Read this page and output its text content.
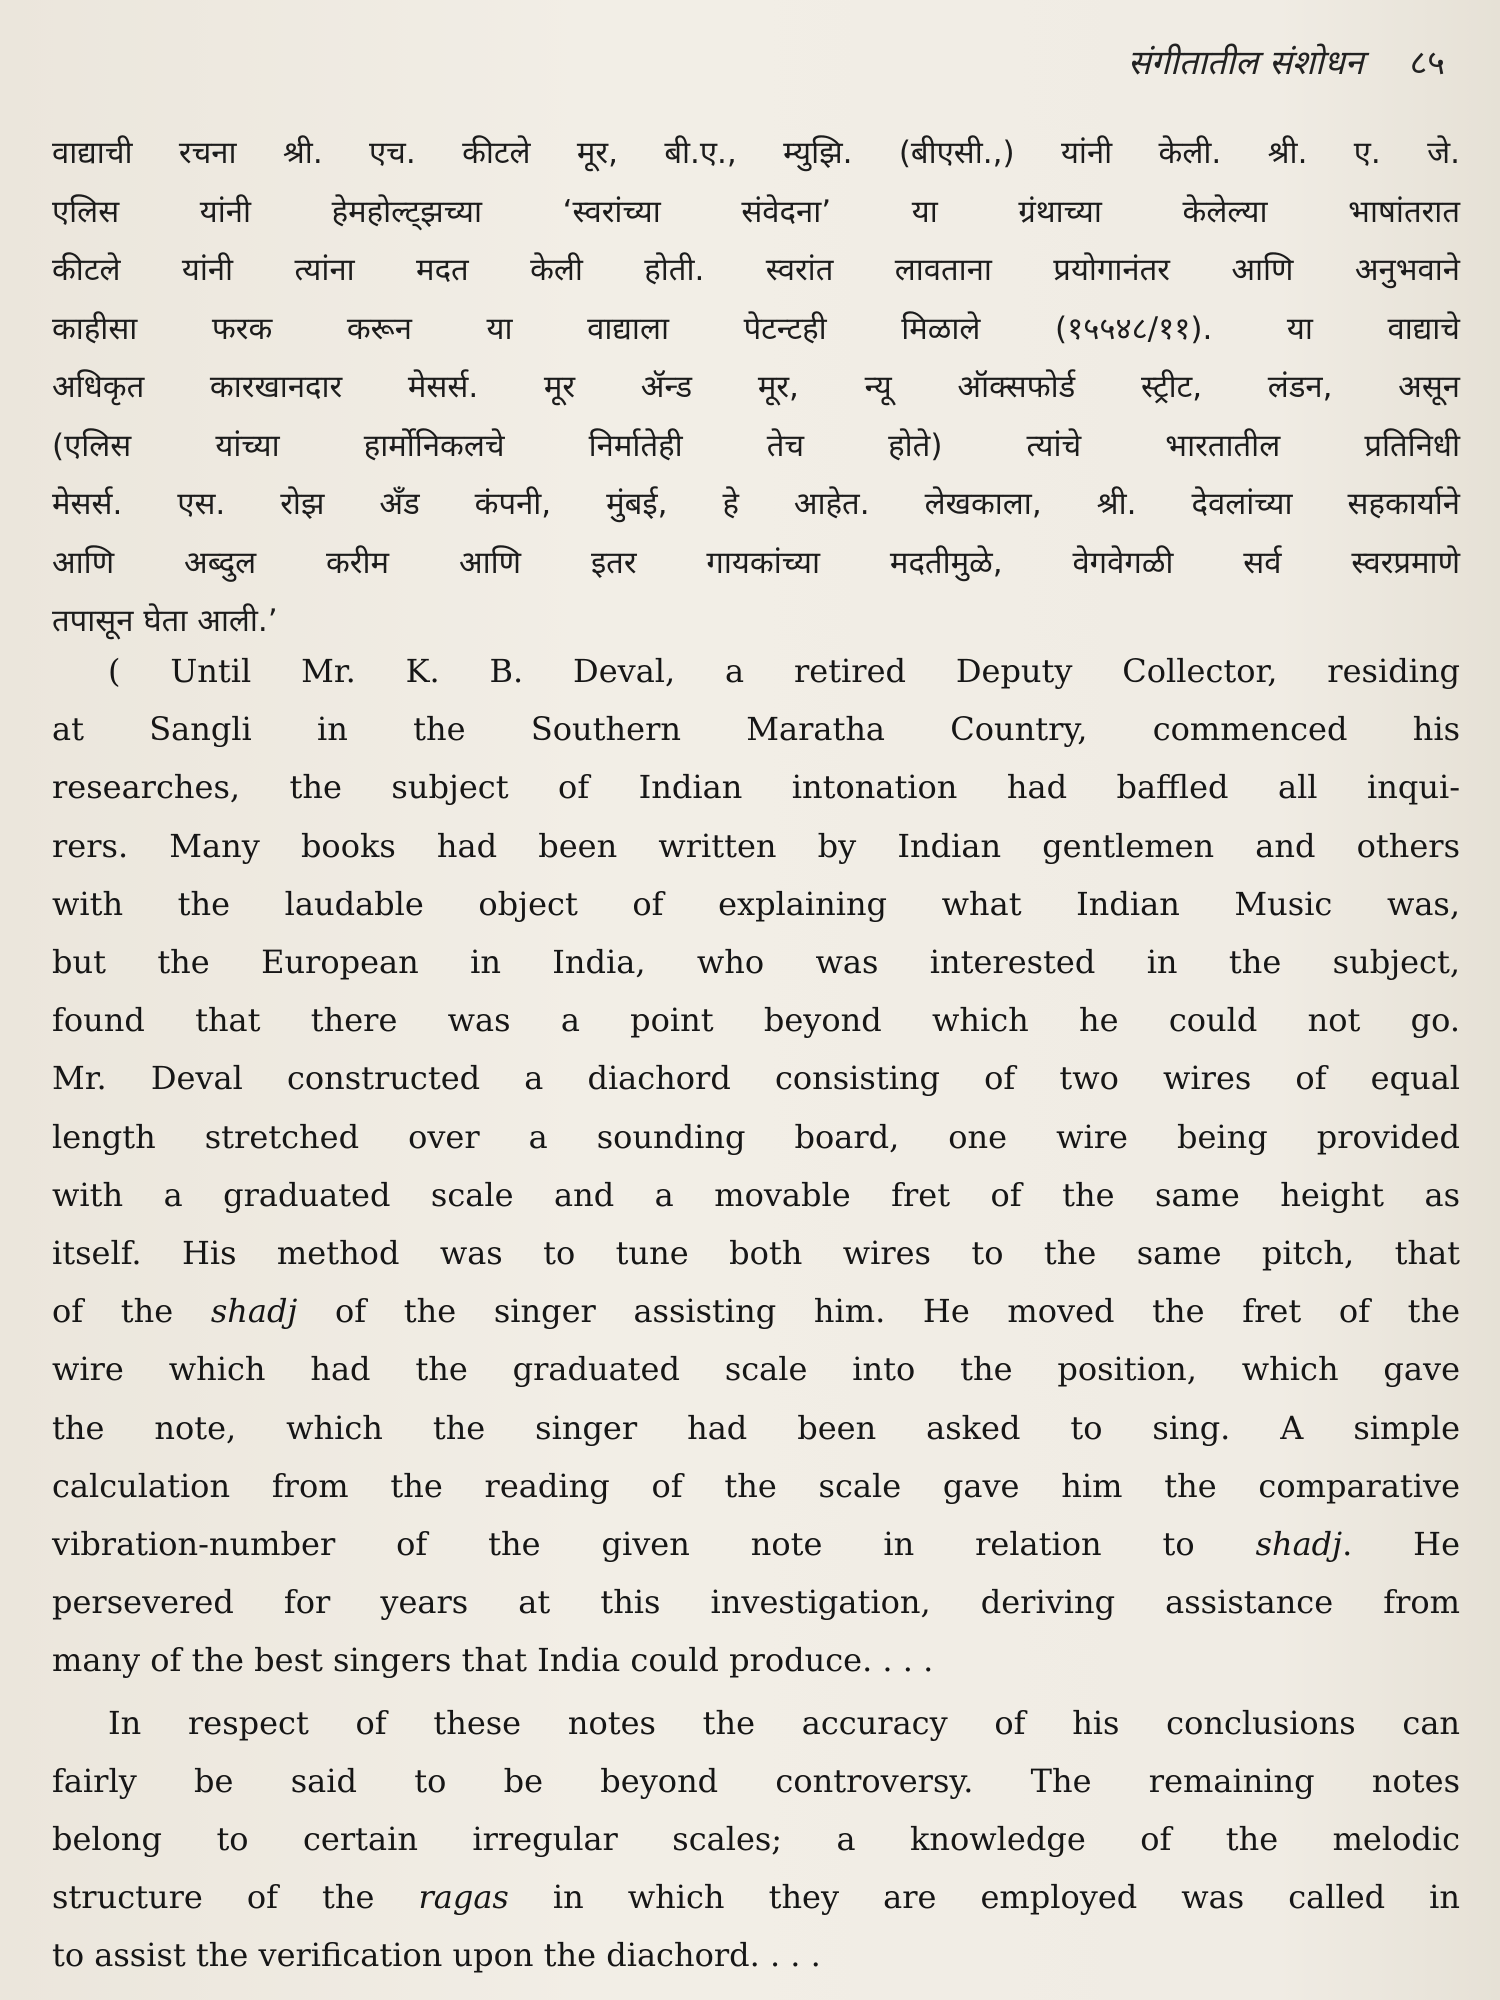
संगीतातील संशोधन ८५
वाद्याची रचना श्री. एच. कीटले मूर, बी.ए., म्युझि. (बीएसी.,) यांनी केली. श्री. ए. जे.
एलिस यांनी हेमहोल्ट्झच्या ‘स्वरांच्या संवेदना’ या ग्रंथाच्या केलेल्या भाषांतरात
कीटले यांनी त्यांना मदत केली होती. स्वरांत लावताना प्रयोगानंतर आणि अनुभवाने
काहीसा फरक करून या वाद्याला पेटन्टही मिळाले (१५५४८/११). या वाद्याचे
अधिकृत कारखानदार मेसर्स. मूर ॲन्ड मूर, न्यू ऑक्सफोर्ड स्ट्रीट, लंडन, असून
(एलिस यांच्या हार्मोनिकलचे निर्मातेही तेच होते) त्यांचे भारतातील प्रतिनिधी
मेसर्स. एस. रोझ ॲंड कंपनी, मुंबई, हे आहेत. लेखकाला, श्री. देवलांच्या सहकार्याने
आणि अब्दुल करीम आणि इतर गायकांच्या मदतीमुळे, वेगवेगळी सर्व स्वरप्रमाणे
तपासून घेता आली.’
( Until Mr. K. B. Deval, a retired Deputy Collector, residing
at Sangli in the Southern Maratha Country, commenced his
researches, the subject of Indian intonation had baffled all inqui-
rers. Many books had been written by Indian gentlemen and others
with the laudable object of explaining what Indian Music was,
but the European in India, who was interested in the subject,
found that there was a point beyond which he could not go.
Mr. Deval constructed a diachord consisting of two wires of equal
length stretched over a sounding board, one wire being provided
with a graduated scale and a movable fret of the same height as
itself. His method was to tune both wires to the same pitch, that
of the shadj of the singer assisting him. He moved the fret of the
wire which had the graduated scale into the position, which gave
the note, which the singer had been asked to sing. A simple
calculation from the reading of the scale gave him the comparative
vibration-number of the given note in relation to shadj. He
persevered for years at this investigation, deriving assistance from
many of the best singers that India could produce. . . .
In respect of these notes the accuracy of his conclusions can
fairly be said to be beyond controversy. The remaining notes
belong to certain irregular scales; a knowledge of the melodic
structure of the ragas in which they are employed was called in
to assist the verification upon the diachord. . . .
